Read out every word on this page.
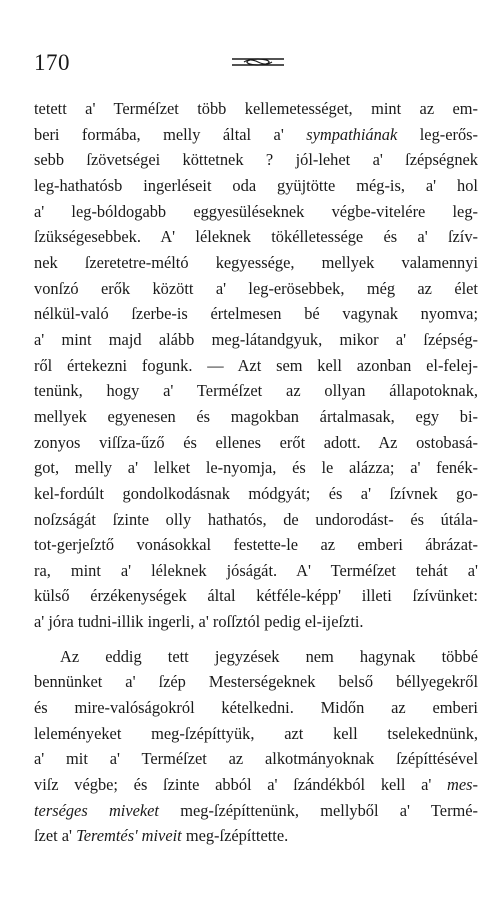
170
tetett a' Terméſzet több kellemetességet, mint az em-
beri formába, melly által a' sympathiának leg-erős-
sebb ſzövetségei köttetnek ? jól-lehet a' ſzépségnek
leg-hathatósb ingerléseit oda gyüjtötte még-is, a' hol
a' leg-bóldogabb eggyesüléseknek végbe-vitelére leg-
ſzükségesebbek. A' léleknek tökélletessége és a' ſzív-
nek ſzeretetre-méltó kegyessége, mellyek valamennyi
vonſzó erők között a' leg-erösebbek, még az élet
nélkül-való ſzerbe-is értelmesen bé vagynak nyomva;
a' mint majd alább meg-látandgyuk, mikor a' ſzépség-
ről értekezni fogunk. — Azt sem kell azonban el-felej-
tenünk, hogy a' Terméſzet az ollyan állapotoknak,
mellyek egyenesen és magokban ártalmasak, egy bi-
zonyos viſſza-űző és ellenes erőt adott. Az ostobasá-
got, melly a' lelket le-nyomja, és le alázza; a' fenék-
kel-fordúlt gondolkodásnak módgyát; és a' ſzívnek go-
noſzságát ſzinte olly hathatós, de undorodást- és útála-
tot-gerjeſztő vonásokkal festette-le az emberi ábrázat-
ra, mint a' léleknek jóságát. A' Terméſzet tehát a'
külső érzékenységek által kétféle-képp' illeti ſzívünket:
a' jóra tudni-illik ingerli, a' roſſztól pedig el-ijeſzti.
Az eddig tett jegyzések nem hagynak többé
bennünket a' ſzép Mesterségeknek belső béllyegekről
és mire-valóságokról kételkedni. Midőn az emberi
leleményeket meg-ſzépíttyük, azt kell tselekednünk,
a' mit a' Terméſzet az alkotmányoknak ſzépíttésével
viſz végbe; és ſzinte abból a' ſzándékból kell a' mes-
terséges miveket meg-ſzépíttenünk, mellyből a' Termé-
ſzet a' Teremtés' miveit meg-ſzépíttette.
